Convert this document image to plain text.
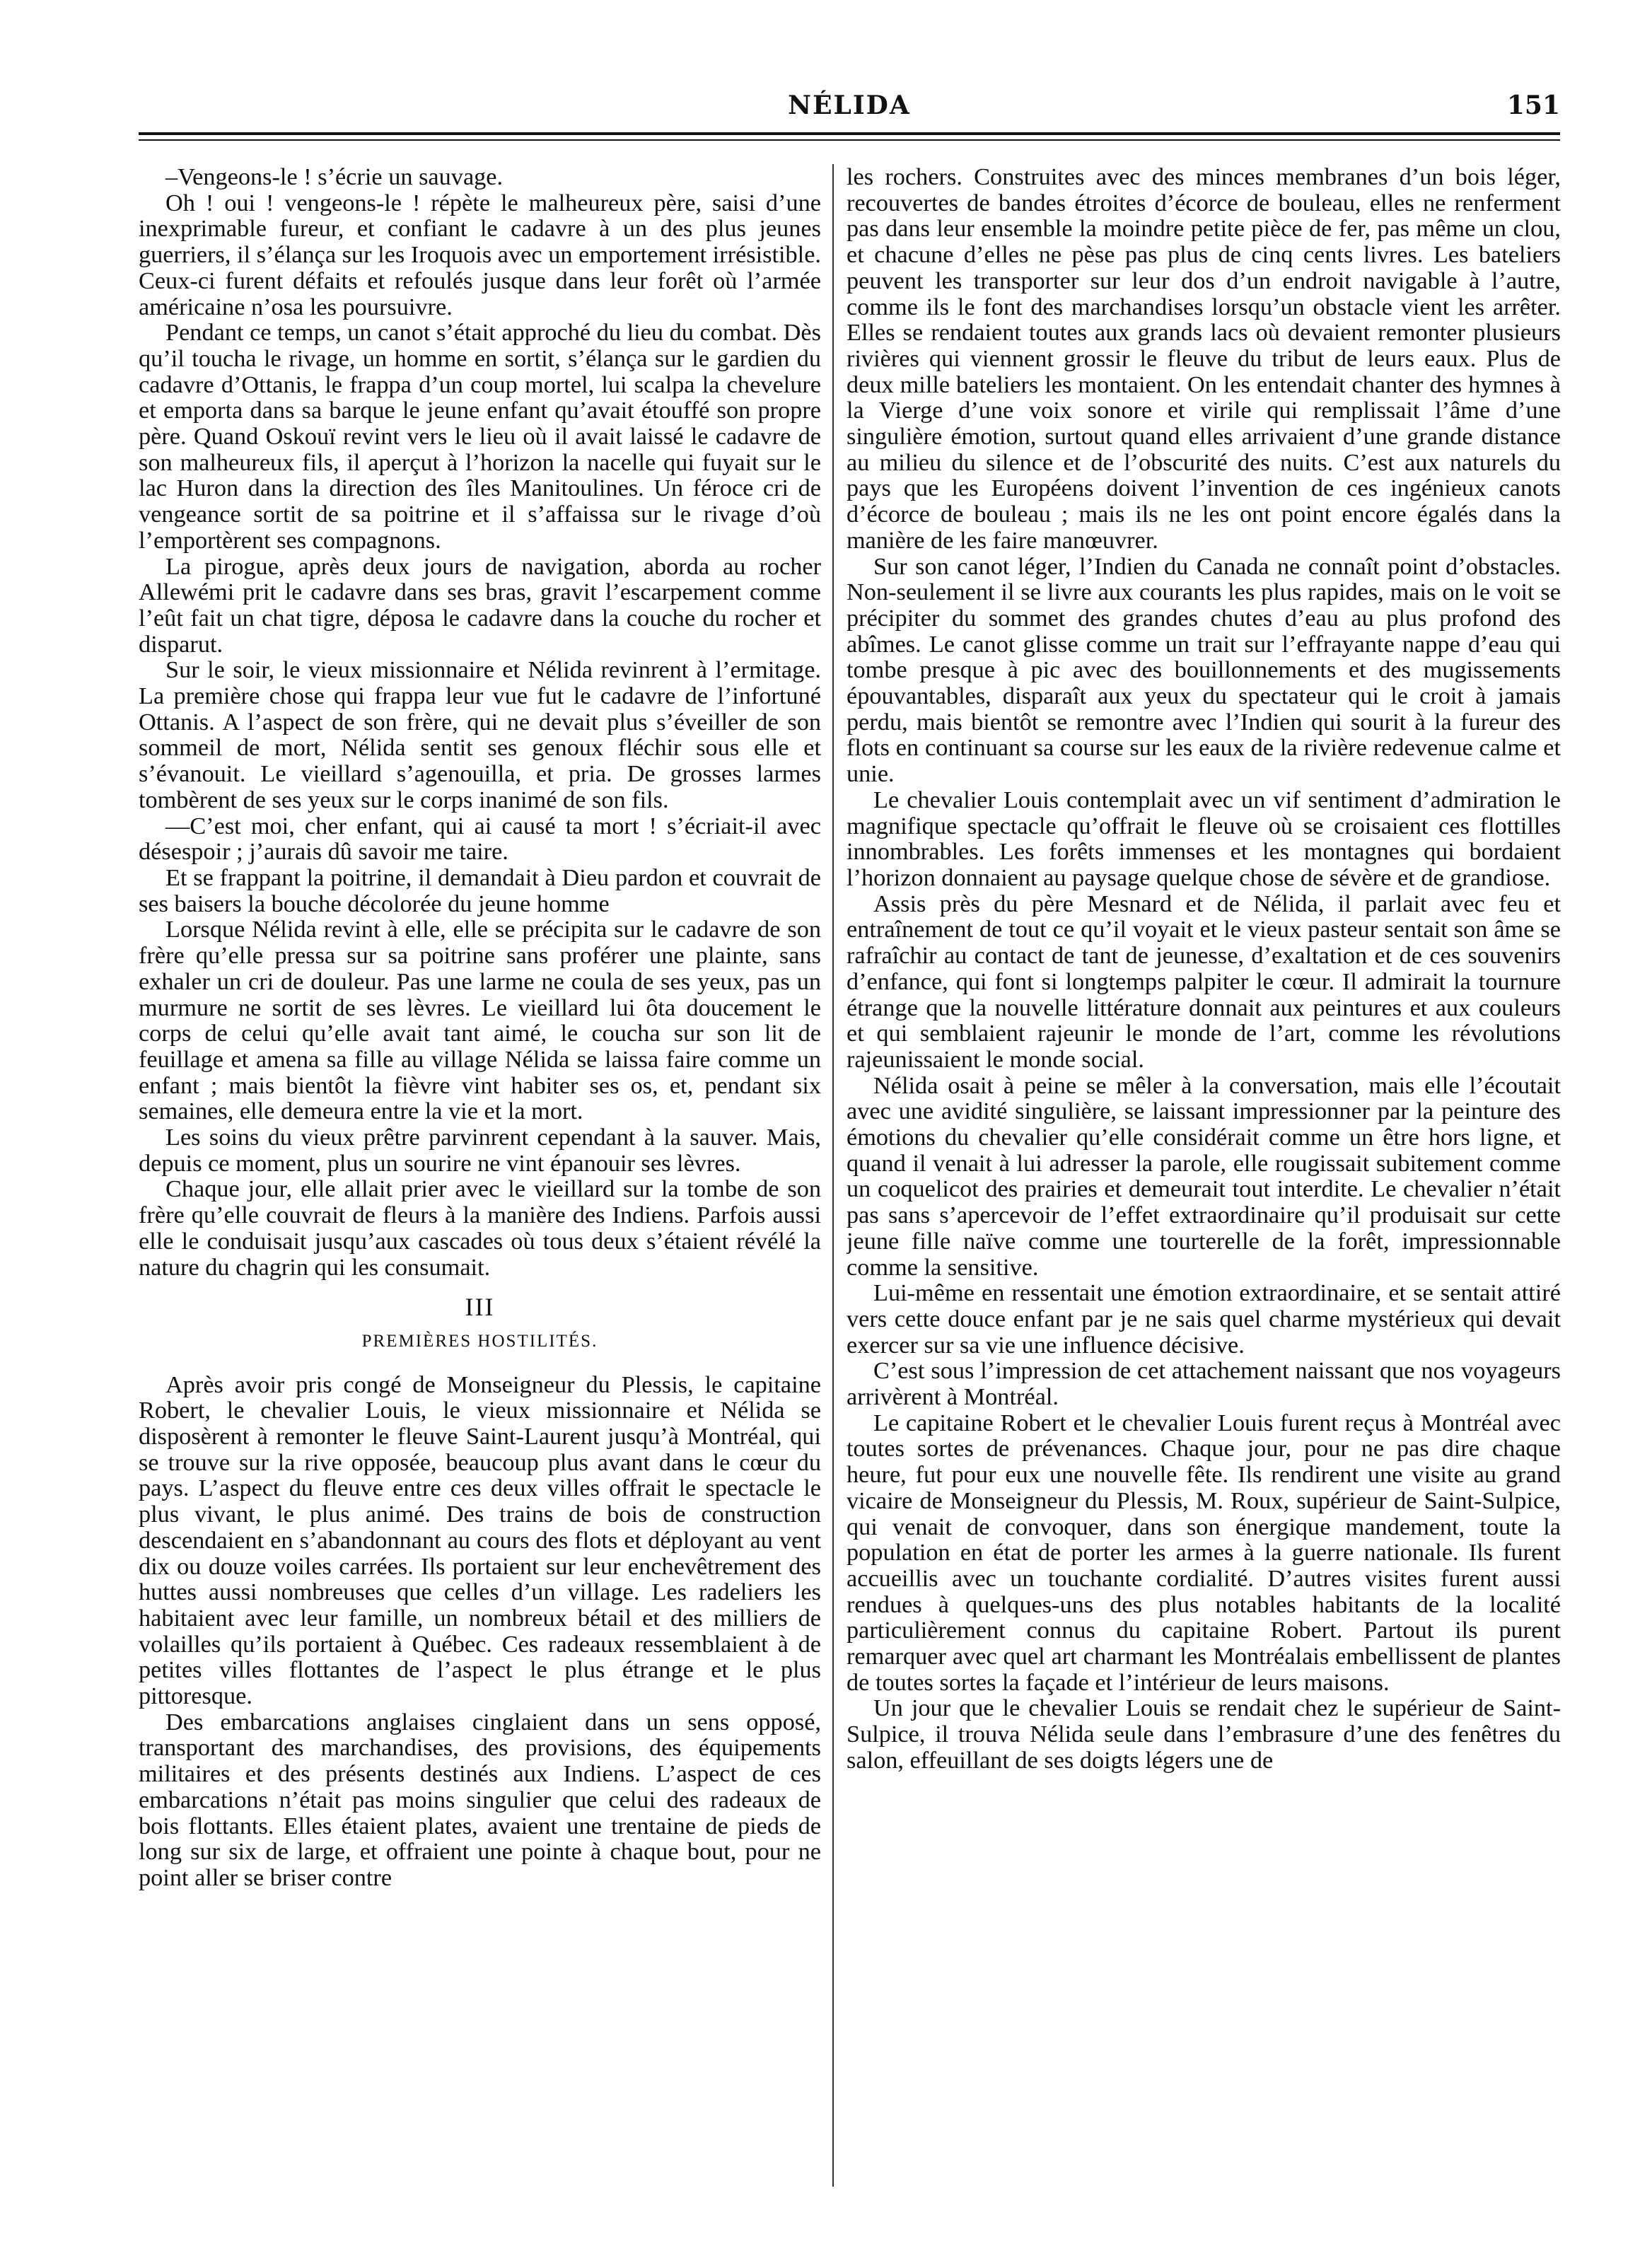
NÉLIDA	151

–Vengeons-le ! s’écrie un sauvage.

Oh ! oui ! vengeons-le ! répète le malheureux père, saisi d’une inexprimable fureur, et confiant le cadavre à un des plus jeunes guerriers, il s’élança sur les Iroquois avec un emportement irrésistible. Ceux-ci furent défaits et refoulés jusque dans leur forêt où l’armée américaine n’osa les poursuivre.

Pendant ce temps, un canot s’était approché du lieu du combat. Dès qu’il toucha le rivage, un homme en sortit, s’élança sur le gardien du cadavre d’Ottanis, le frappa d’un coup mortel, lui scalpa la chevelure et emporta dans sa barque le jeune enfant qu’avait étouffé son propre père. Quand Oskouï revint vers le lieu où il avait laissé le cadavre de son malheureux fils, il aperçut à l’horizon la nacelle qui fuyait sur le lac Huron dans la direction des îles Manitoulines. Un féroce cri de vengeance sortit de sa poitrine et il s’affaissa sur le rivage d’où l’emportèrent ses compagnons.

La pirogue, après deux jours de navigation, aborda au rocher Allewémi prit le cadavre dans ses bras, gravit l’escarpement comme l’eût fait un chat tigre, déposa le cadavre dans la couche du rocher et disparut.

Sur le soir, le vieux missionnaire et Nélida revinrent à l’ermitage. La première chose qui frappa leur vue fut le cadavre de l’infortuné Ottanis. A l’aspect de son frère, qui ne devait plus s’éveiller de son sommeil de mort, Nélida sentit ses genoux fléchir sous elle et s’évanouit. Le vieillard s’agenouilla, et pria. De grosses larmes tombèrent de ses yeux sur le corps inanimé de son fils.

—C’est moi, cher enfant, qui ai causé ta mort ! s’écriait-il avec désespoir ; j’aurais dû savoir me taire.

Et se frappant la poitrine, il demandait à Dieu pardon et couvrait de ses baisers la bouche décolorée du jeune homme

Lorsque Nélida revint à elle, elle se précipita sur le cadavre de son frère qu’elle pressa sur sa poitrine sans proférer une plainte, sans exhaler un cri de douleur. Pas une larme ne coula de ses yeux, pas un murmure ne sortit de ses lèvres. Le vieillard lui ôta doucement le corps de celui qu’elle avait tant aimé, le coucha sur son lit de feuillage et amena sa fille au village Nélida se laissa faire comme un enfant ; mais bientôt la fièvre vint habiter ses os, et, pendant six semaines, elle demeura entre la vie et la mort.

Les soins du vieux prêtre parvinrent cependant à la sauver. Mais, depuis ce moment, plus un sourire ne vint épanouir ses lèvres.

Chaque jour, elle allait prier avec le vieillard sur la tombe de son frère qu’elle couvrait de fleurs à la manière des Indiens. Parfois aussi elle le conduisait jusqu’aux cascades où tous deux s’étaient révélé la nature du chagrin qui les consumait.

III
PREMIÈRES HOSTILITÉS.

Après avoir pris congé de Monseigneur du Plessis, le capitaine Robert, le chevalier Louis, le vieux missionnaire et Nélida se disposèrent à remonter le fleuve Saint-Laurent jusqu’à Montréal, qui se trouve sur la rive opposée, beaucoup plus avant dans le cœur du pays. L’aspect du fleuve entre ces deux villes offrait le spectacle le plus vivant, le plus animé. Des trains de bois de construction descendaient en s’abandonnant au cours des flots et déployant au vent dix ou douze voiles carrées. Ils portaient sur leur enchevêtrement des huttes aussi nombreuses que celles d’un village. Les radeliers les habitaient avec leur famille, un nombreux bétail et des milliers de volailles qu’ils portaient à Québec. Ces radeaux ressemblaient à de petites villes flottantes de l’aspect le plus étrange et le plus pittoresque.

Des embarcations anglaises cinglaient dans un sens opposé, transportant des marchandises, des provisions, des équipements militaires et des présents destinés aux Indiens. L’aspect de ces embarcations n’était pas moins singulier que celui des radeaux de bois flottants. Elles étaient plates, avaient une trentaine de pieds de long sur six de large, et offraient une pointe à chaque bout, pour ne point aller se briser contre

les rochers. Construites avec des minces membranes d’un bois léger, recouvertes de bandes étroites d’écorce de bouleau, elles ne renferment pas dans leur ensemble la moindre petite pièce de fer, pas même un clou, et chacune d’elles ne pèse pas plus de cinq cents livres. Les bateliers peuvent les transporter sur leur dos d’un endroit navigable à l’autre, comme ils le font des marchandises lorsqu’un obstacle vient les arrêter. Elles se rendaient toutes aux grands lacs où devaient remonter plusieurs rivières qui viennent grossir le fleuve du tribut de leurs eaux. Plus de deux mille bateliers les montaient. On les entendait chanter des hymnes à la Vierge d’une voix sonore et virile qui remplissait l’âme d’une singulière émotion, surtout quand elles arrivaient d’une grande distance au milieu du silence et de l’obscurité des nuits. C’est aux naturels du pays que les Européens doivent l’invention de ces ingénieux canots d’écorce de bouleau ; mais ils ne les ont point encore égalés dans la manière de les faire manœuvrer.

Sur son canot léger, l’Indien du Canada ne connaît point d’obstacles. Non-seulement il se livre aux courants les plus rapides, mais on le voit se précipiter du sommet des grandes chutes d’eau au plus profond des abîmes. Le canot glisse comme un trait sur l’effrayante nappe d’eau qui tombe presque à pic avec des bouillonnements et des mugissements épouvantables, disparaît aux yeux du spectateur qui le croit à jamais perdu, mais bientôt se remontre avec l’Indien qui sourit à la fureur des flots en continuant sa course sur les eaux de la rivière redevenue calme et unie.

Le chevalier Louis contemplait avec un vif sentiment d’admiration le magnifique spectacle qu’offrait le fleuve où se croisaient ces flottilles innombrables. Les forêts immenses et les montagnes qui bordaient l’horizon donnaient au paysage quelque chose de sévère et de grandiose.

Assis près du père Mesnard et de Nélida, il parlait avec feu et entraînement de tout ce qu’il voyait et le vieux pasteur sentait son âme se rafraîchir au contact de tant de jeunesse, d’exaltation et de ces souvenirs d’enfance, qui font si longtemps palpiter le cœur. Il admirait la tournure étrange que la nouvelle littérature donnait aux peintures et aux couleurs et qui semblaient rajeunir le monde de l’art, comme les révolutions rajeunissaient le monde social.

Nélida osait à peine se mêler à la conversation, mais elle l’écoutait avec une avidité singulière, se laissant impressionner par la peinture des émotions du chevalier qu’elle considérait comme un être hors ligne, et quand il venait à lui adresser la parole, elle rougissait subitement comme un coquelicot des prairies et demeurait tout interdite. Le chevalier n’était pas sans s’apercevoir de l’effet extraordinaire qu’il produisait sur cette jeune fille naïve comme une tourterelle de la forêt, impressionnable comme la sensitive.

Lui-même en ressentait une émotion extraordinaire, et se sentait attiré vers cette douce enfant par je ne sais quel charme mystérieux qui devait exercer sur sa vie une influence décisive.

C’est sous l’impression de cet attachement naissant que nos voyageurs arrivèrent à Montréal.

Le capitaine Robert et le chevalier Louis furent reçus à Montréal avec toutes sortes de prévenances. Chaque jour, pour ne pas dire chaque heure, fut pour eux une nouvelle fête. Ils rendirent une visite au grand vicaire de Monseigneur du Plessis, M. Roux, supérieur de Saint-Sulpice, qui venait de convoquer, dans son énergique mandement, toute la population en état de porter les armes à la guerre nationale. Ils furent accueillis avec un touchante cordialité. D’autres visites furent aussi rendues à quelques-uns des plus notables habitants de la localité particulièrement connus du capitaine Robert. Partout ils purent remarquer avec quel art charmant les Montréalais embellissent de plantes de toutes sortes la façade et l’intérieur de leurs maisons.

Un jour que le chevalier Louis se rendait chez le supérieur de Saint-Sulpice, il trouva Nélida seule dans l’embrasure d’une des fenêtres du salon, effeuillant de ses doigts légers une de
